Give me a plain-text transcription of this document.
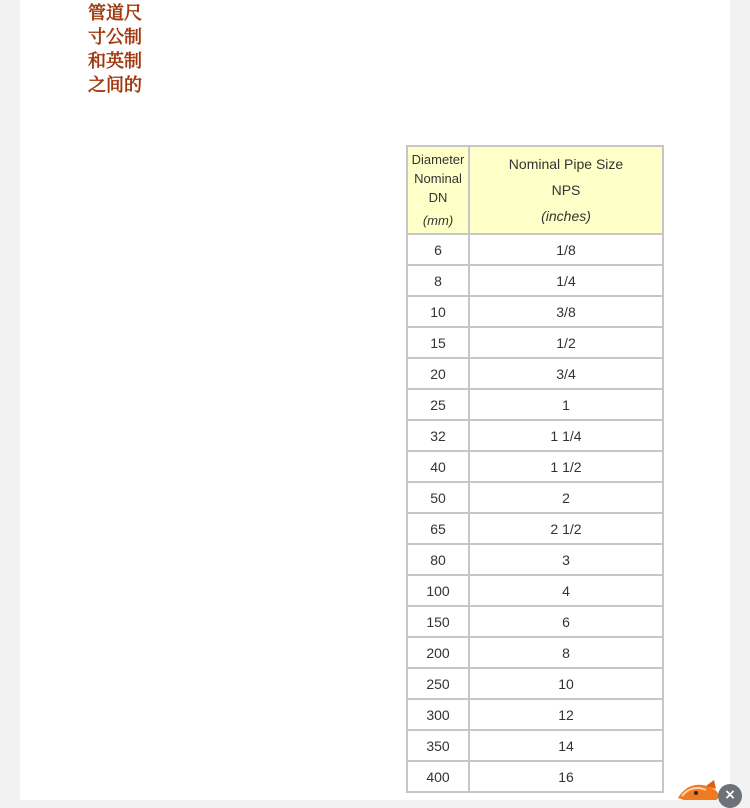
管道尺寸公制和英制之间的
Diameter
Nominal
DN
(mm)	Nominal Pipe Size
NPS

(inches)

6	1/8
8	1/4
10	3/8
15	1/2
20	3/4
25	1
32	1 1/4
40	1 1/2
50	2
65	2 1/2
80	3
100	4
150	6
200	8
250	10
300	12
350	14
400	16
×
